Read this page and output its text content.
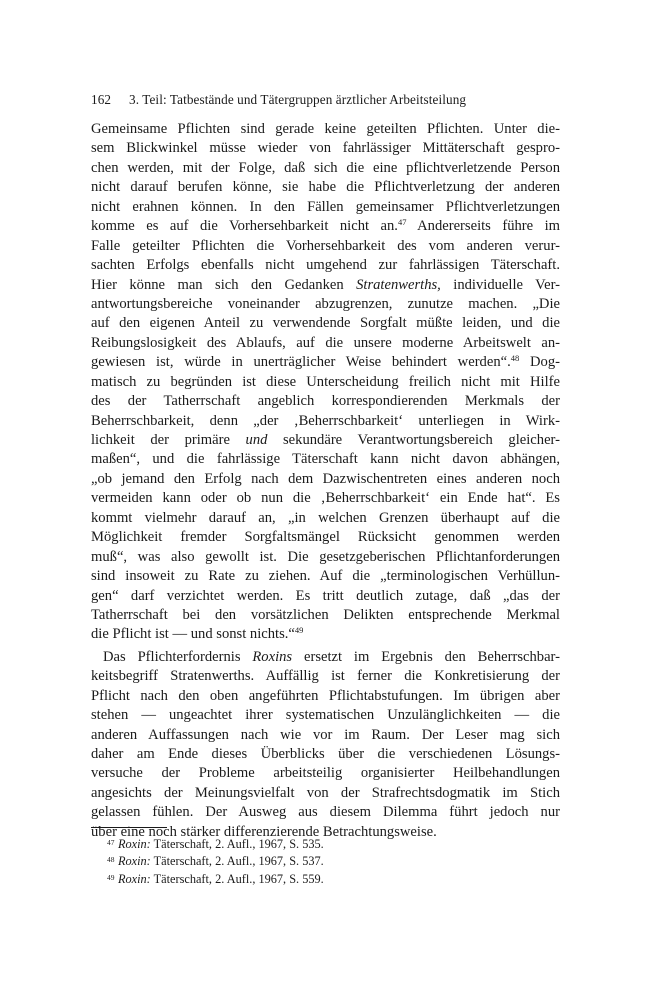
162 3. Teil: Tatbestände und Tätergruppen ärztlicher Arbeitsteilung
Gemeinsame Pflichten sind gerade keine geteilten Pflichten. Unter die-
sem Blickwinkel müsse wieder von fahrlässiger Mittäterschaft gespro-
chen werden, mit der Folge, daß sich die eine pflichtverletzende Person
nicht darauf berufen könne, sie habe die Pflichtverletzung der anderen
nicht erahnen können. In den Fällen gemeinsamer Pflichtverletzungen
komme es auf die Vorhersehbarkeit nicht an.$^{47}$ Andererseits führe im
Falle geteilter Pflichten die Vorhersehbarkeit des vom anderen verur-
sachten Erfolgs ebenfalls nicht umgehend zur fahrlässigen Täterschaft.
Hier könne man sich den Gedanken Stratenwerths, individuelle Ver-
antwortungsbereiche voneinander abzugrenzen, zunutze machen. „Die
auf den eigenen Anteil zu verwendende Sorgfalt müßte leiden, und die
Reibungslosigkeit des Ablaufs, auf die unsere moderne Arbeitswelt an-
gewiesen ist, würde in unerträglicher Weise behindert werden“.$^{48}$ Dog-
matisch zu begründen ist diese Unterscheidung freilich nicht mit Hilfe
des der Tatherrschaft angeblich korrespondierenden Merkmals der
Beherrschbarkeit, denn „der ‚Beherrschbarkeit‘ unterliegen in Wirk-
lichkeit der primäre und sekundäre Verantwortungsbereich gleicher-
maßen“, und die fahrlässige Täterschaft kann nicht davon abhängen,
„ob jemand den Erfolg nach dem Dazwischentreten eines anderen noch
vermeiden kann oder ob nun die ‚Beherrschbarkeit‘ ein Ende hat“. Es
kommt vielmehr darauf an, „in welchen Grenzen überhaupt auf die
Möglichkeit fremder Sorgfaltsmängel Rücksicht genommen werden
muß“, was also gewollt ist. Die gesetzgeberischen Pflichtanforderungen
sind insoweit zu Rate zu ziehen. Auf die „terminologischen Verhüllun-
gen“ darf verzichtet werden. Es tritt deutlich zutage, daß „das der
Tatherrschaft bei den vorsätzlichen Delikten entsprechende Merkmal
die Pflicht ist — und sonst nichts.“$^{49}$
Das Pflichterfordernis Roxins ersetzt im Ergebnis den Beherrschbar-
keitsbegriff Stratenwerths. Auffällig ist ferner die Konkretisierung der
Pflicht nach den oben angeführten Pflichtabstufungen. Im übrigen aber
stehen — ungeachtet ihrer systematischen Unzulänglichkeiten — die
anderen Auffassungen nach wie vor im Raum. Der Leser mag sich
daher am Ende dieses Überblicks über die verschiedenen Lösungs-
versuche der Probleme arbeitsteilig organisierter Heilbehandlungen
angesichts der Meinungsvielfalt von der Strafrechtsdogmatik im Stich
gelassen fühlen. Der Ausweg aus diesem Dilemma führt jedoch nur
über eine noch stärker differenzierende Betrachtungsweise.
47 Roxin: Täterschaft, 2. Aufl., 1967, S. 535.
48 Roxin: Täterschaft, 2. Aufl., 1967, S. 537.
49 Roxin: Täterschaft, 2. Aufl., 1967, S. 559.
